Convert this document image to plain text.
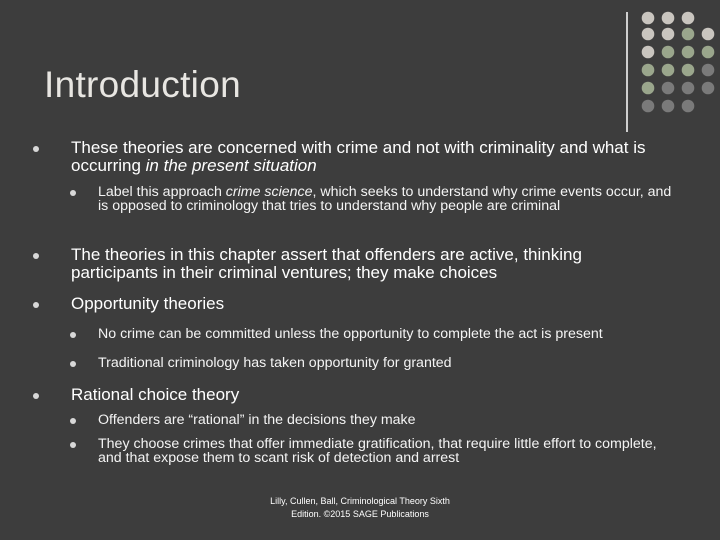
Introduction
These theories are concerned with crime and not with criminality and what is occurring in the present situation
Label this approach crime science, which seeks to understand why crime events occur, and is opposed to criminology that tries to understand why people are criminal
The theories in this chapter assert that offenders are active, thinking participants in their criminal ventures; they make choices
Opportunity theories
No crime can be committed unless the opportunity to complete the act is present
Traditional criminology has taken opportunity for granted
Rational choice theory
Offenders are “rational” in the decisions they make
They choose crimes that offer immediate gratification, that require little effort to complete, and that expose them to scant risk of detection and arrest
Lilly, Cullen, Ball, Criminological Theory Sixth
Edition. ©2015 SAGE Publications
